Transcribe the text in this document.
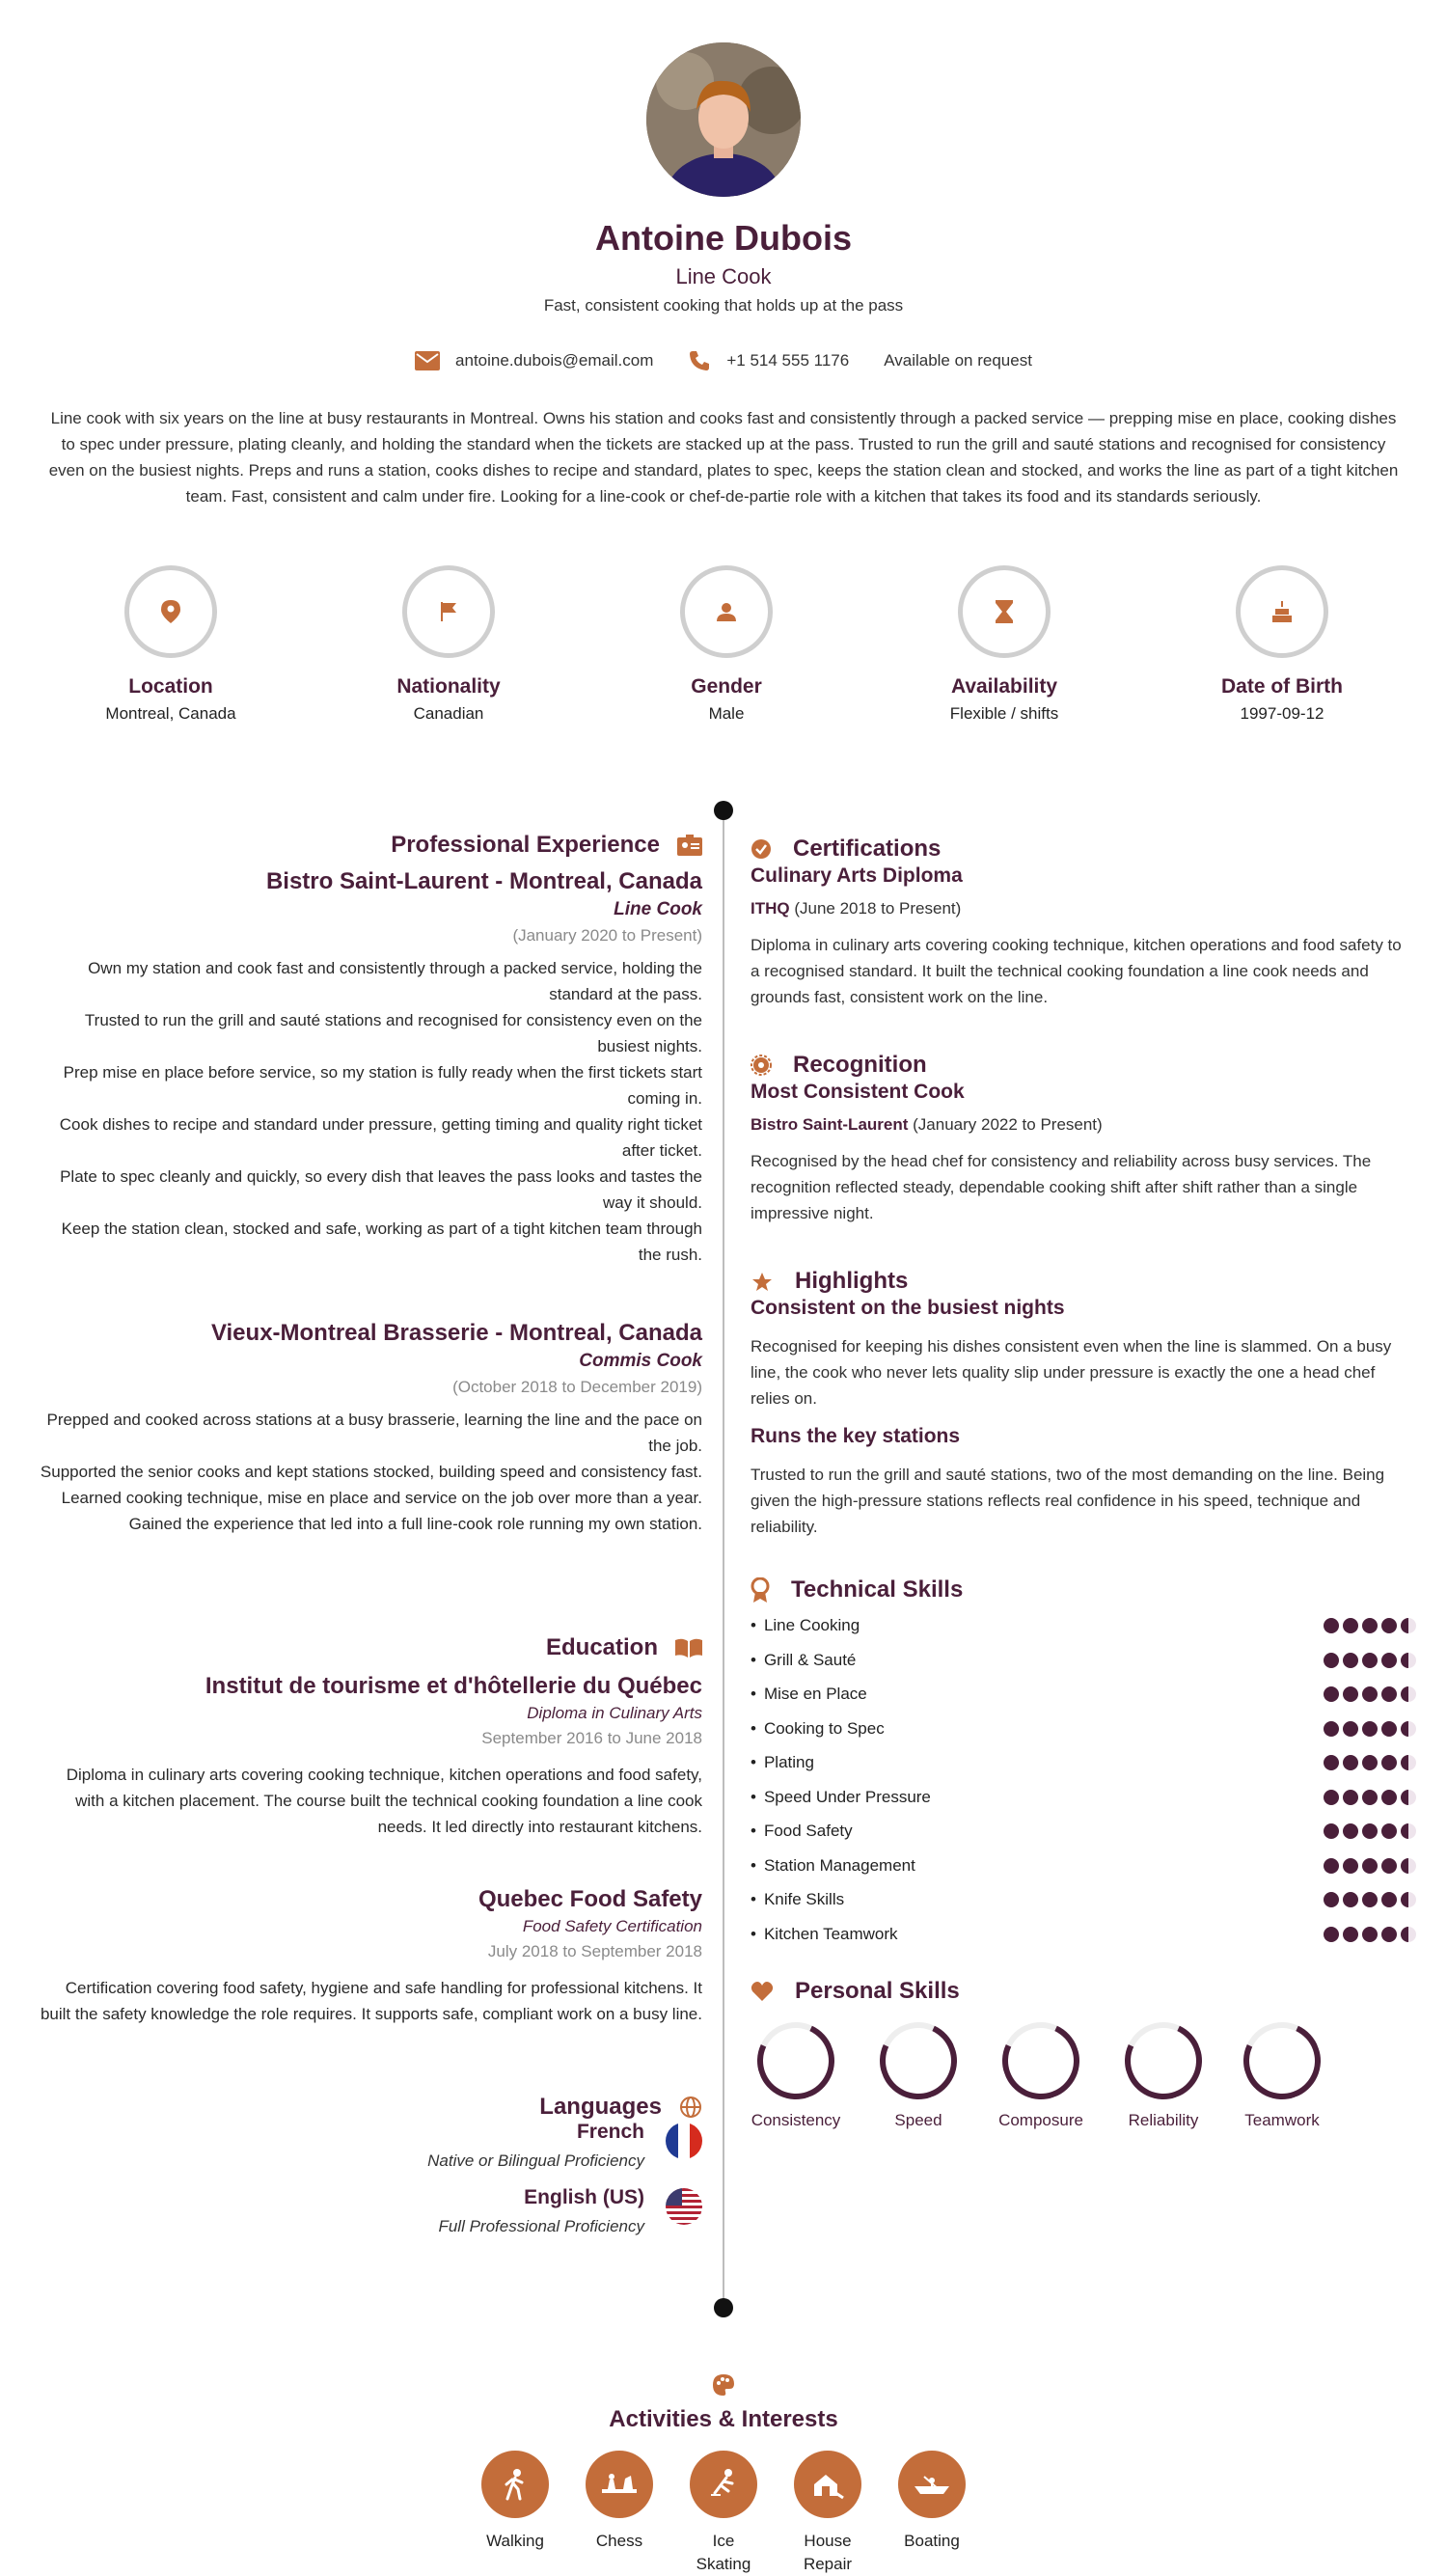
Antoine Dubois
Line Cook
Fast, consistent cooking that holds up at the pass
antoine.dubois@email.com	+1 514 555 1176 Available on request
Line cook with six years on the line at busy restaurants in Montreal. Owns his station and cooks fast and consistently through a packed service — prepping mise en place, cooking dishes to spec under pressure, plating cleanly, and holding the standard when the tickets are stacked up at the pass. Trusted to run the grill and sauté stations and recognised for consistency even on the busiest nights. Preps and runs a station, cooks dishes to recipe and standard, plates to spec, keeps the station clean and stocked, and works the line as part of a tight kitchen team. Fast, consistent and calm under fire. Looking for a line-cook or chef-de-partie role with a kitchen that takes its food and its standards seriously.
Location
Montreal, Canada
Nationality
Canadian
Gender
Male
Availability
Flexible / shifts
Date of Birth
1997-09-12
Professional Experience
Bistro Saint-Laurent - Montreal, Canada
Line Cook
(January 2020 to Present)
Own my station and cook fast and consistently through a packed service, holding the standard at the pass.
Trusted to run the grill and sauté stations and recognised for consistency even on the busiest nights.
Prep mise en place before service, so my station is fully ready when the first tickets start coming in.
Cook dishes to recipe and standard under pressure, getting timing and quality right ticket after ticket.
Plate to spec cleanly and quickly, so every dish that leaves the pass looks and tastes the way it should.
Keep the station clean, stocked and safe, working as part of a tight kitchen team through the rush.
Vieux-Montreal Brasserie - Montreal, Canada
Commis Cook
(October 2018 to December 2019)
Prepped and cooked across stations at a busy brasserie, learning the line and the pace on the job.
Supported the senior cooks and kept stations stocked, building speed and consistency fast.
Learned cooking technique, mise en place and service on the job over more than a year.
Gained the experience that led into a full line-cook role running my own station.
Education
Institut de tourisme et d'hôtellerie du Québec
Diploma in Culinary Arts
September 2016 to June 2018
Diploma in culinary arts covering cooking technique, kitchen operations and food safety, with a kitchen placement. The course built the technical cooking foundation a line cook needs. It led directly into restaurant kitchens.
Quebec Food Safety
Food Safety Certification
July 2018 to September 2018
Certification covering food safety, hygiene and safe handling for professional kitchens. It built the safety knowledge the role requires. It supports safe, compliant work on a busy line.
Languages
French
Native or Bilingual Proficiency
English (US)
Full Professional Proficiency
Certifications
Culinary Arts Diploma
ITHQ (June 2018 to Present)
Diploma in culinary arts covering cooking technique, kitchen operations and food safety to a recognised standard. It built the technical cooking foundation a line cook needs and grounds fast, consistent work on the line.
Recognition
Most Consistent Cook
Bistro Saint-Laurent (January 2022 to Present)
Recognised by the head chef for consistency and reliability across busy services. The recognition reflected steady, dependable cooking shift after shift rather than a single impressive night.
Highlights
Consistent on the busiest nights
Recognised for keeping his dishes consistent even when the line is slammed. On a busy line, the cook who never lets quality slip under pressure is exactly the one a head chef relies on.
Runs the key stations
Trusted to run the grill and sauté stations, two of the most demanding on the line. Being given the high-pressure stations reflects real confidence in his speed, technique and reliability.
Technical Skills
• Line Cooking
• Grill & Sauté
• Mise en Place
• Cooking to Spec
• Plating
• Speed Under Pressure
• Food Safety
• Station Management
• Knife Skills
• Kitchen Teamwork
Personal Skills
Consistency	Speed	Composure	Reliability	Teamwork
Activities & Interests
Walking	Chess	Ice Skating
House Repair
Boating
